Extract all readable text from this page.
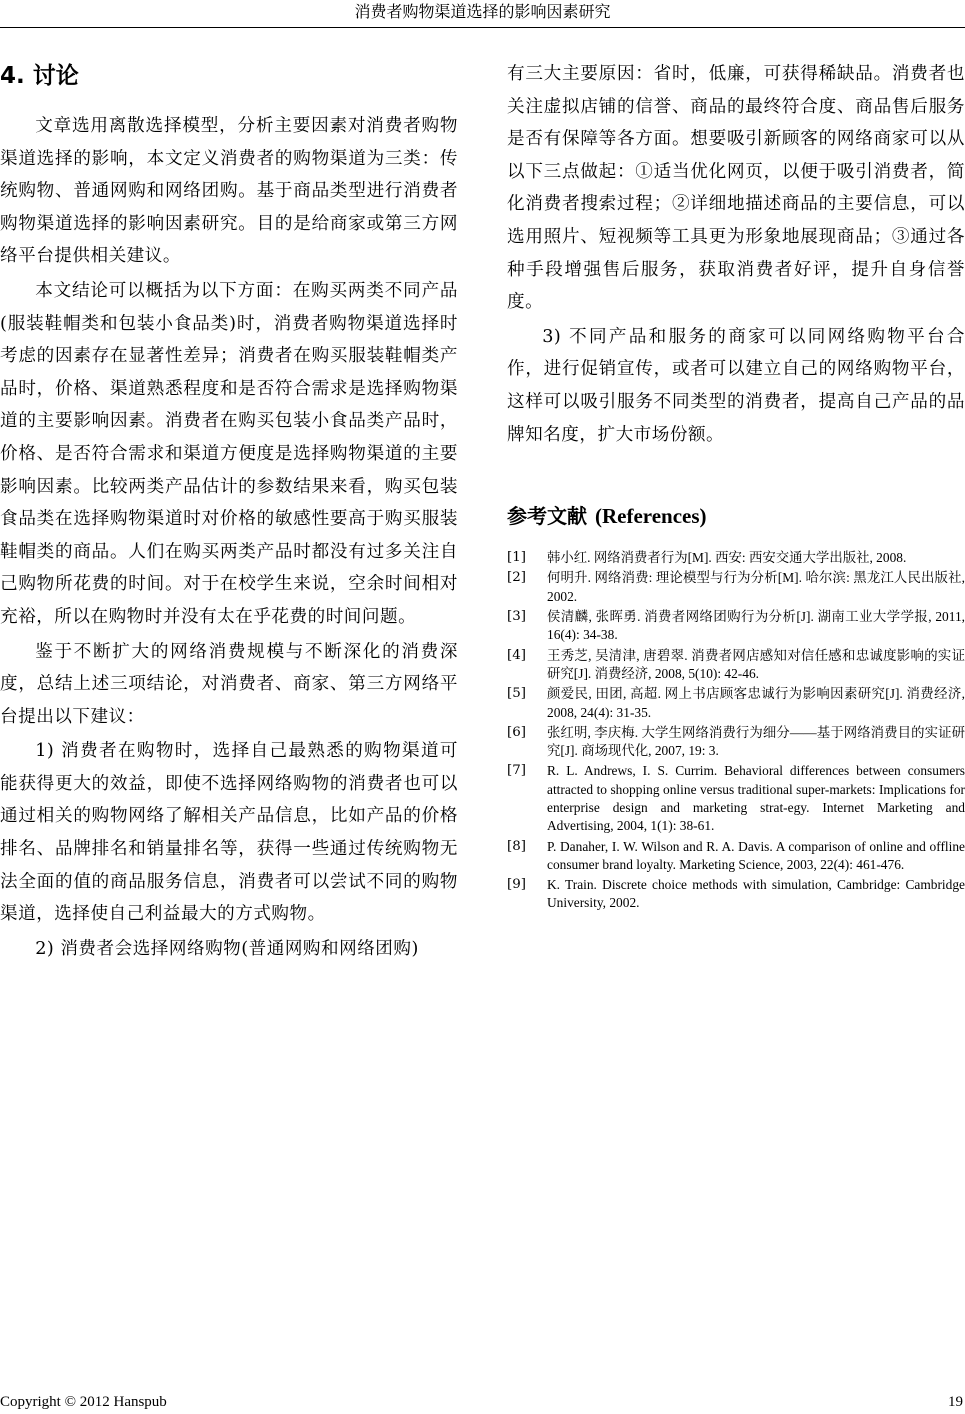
消费者购物渠道选择的影响因素研究
4. 讨论

文章选用离散选择模型，分析主要因素对消费者购物渠道选择的影响，本文定义消费者的购物渠道为三类：传统购物、普通网购和网络团购。基于商品类型进行消费者购物渠道选择的影响因素研究。目的是给商家或第三方网络平台提供相关建议。

本文结论可以概括为以下方面：在购买两类不同产品(服装鞋帽类和包装小食品类)时，消费者购物渠道选择时考虑的因素存在显著性差异；消费者在购买服装鞋帽类产品时，价格、渠道熟悉程度和是否符合需求是选择购物渠道的主要影响因素。消费者在购买包装小食品类产品时，价格、是否符合需求和渠道方便度是选择购物渠道的主要影响因素。比较两类产品估计的参数结果来看，购买包装食品类在选择购物渠道时对价格的敏感性要高于购买服装鞋帽类的商品。人们在购买两类产品时都没有过多关注自己购物所花费的时间。对于在校学生来说，空余时间相对充裕，所以在购物时并没有太在乎花费的时间问题。

鉴于不断扩大的网络消费规模与不断深化的消费深度，总结上述三项结论，对消费者、商家、第三方网络平台提出以下建议：

1) 消费者在购物时，选择自己最熟悉的购物渠道可能获得更大的效益，即使不选择网络购物的消费者也可以通过相关的购物网络了解相关产品信息，比如产品的价格排名、品牌排名和销量排名等，获得一些通过传统购物无法全面的值的商品服务信息，消费者可以尝试不同的购物渠道，选择使自己利益最大的方式购物。

2) 消费者会选择网络购物(普通网购和网络团购)

有三大主要原因：省时，低廉，可获得稀缺品。消费者也关注虚拟店铺的信誉、商品的最终符合度、商品售后服务是否有保障等各方面。想要吸引新顾客的网络商家可以从以下三点做起：①适当优化网页，以便于吸引消费者，简化消费者搜索过程；②详细地描述商品的主要信息，可以选用照片、短视频等工具更为形象地展现商品；③通过各种手段增强售后服务，获取消费者好评，提升自身信誉度。

3) 不同产品和服务的商家可以同网络购物平台合作，进行促销宣传，或者可以建立自己的网络购物平台，这样可以吸引服务不同类型的消费者，提高自己产品的品牌知名度，扩大市场份额。

参考文献 (References)
[1]	韩小红. 网络消费者行为[M]. 西安: 西安交通大学出版社, 2008.
[2]	何明升. 网络消费: 理论模型与行为分析[M]. 哈尔滨: 黑龙江人民出版社, 2002.
[3]	侯清麟, 张晖勇. 消费者网络团购行为分析[J]. 湖南工业大学学报, 2011, 16(4): 34-38.
[4]	王秀芝, 吴清津, 唐碧翠. 消费者网店感知对信任感和忠诚度影响的实证研究[J]. 消费经济, 2008, 5(10): 42-46.
[5]	颜爱民, 田团, 高超. 网上书店顾客忠诚行为影响因素研究[J]. 消费经济, 2008, 24(4): 31-35.
[6]	张红明, 李庆梅. 大学生网络消费行为细分——基于网络消费目的实证研究[J]. 商场现代化, 2007, 19: 3.
[7]	R. L. Andrews, I. S. Currim. Behavioral differences between consumers attracted to shopping online versus traditional super-markets: Implications for enterprise design and marketing strat-egy. Internet Marketing and Advertising, 2004, 1(1): 38-61.
[8]	P. Danaher, I. W. Wilson and R. A. Davis. A comparison of online and offline consumer brand loyalty. Marketing Science, 2003, 22(4): 461-476.
[9]	K. Train. Discrete choice methods with simulation, Cambridge: Cambridge University, 2002.
Copyright © 2012 Hanspub	19
